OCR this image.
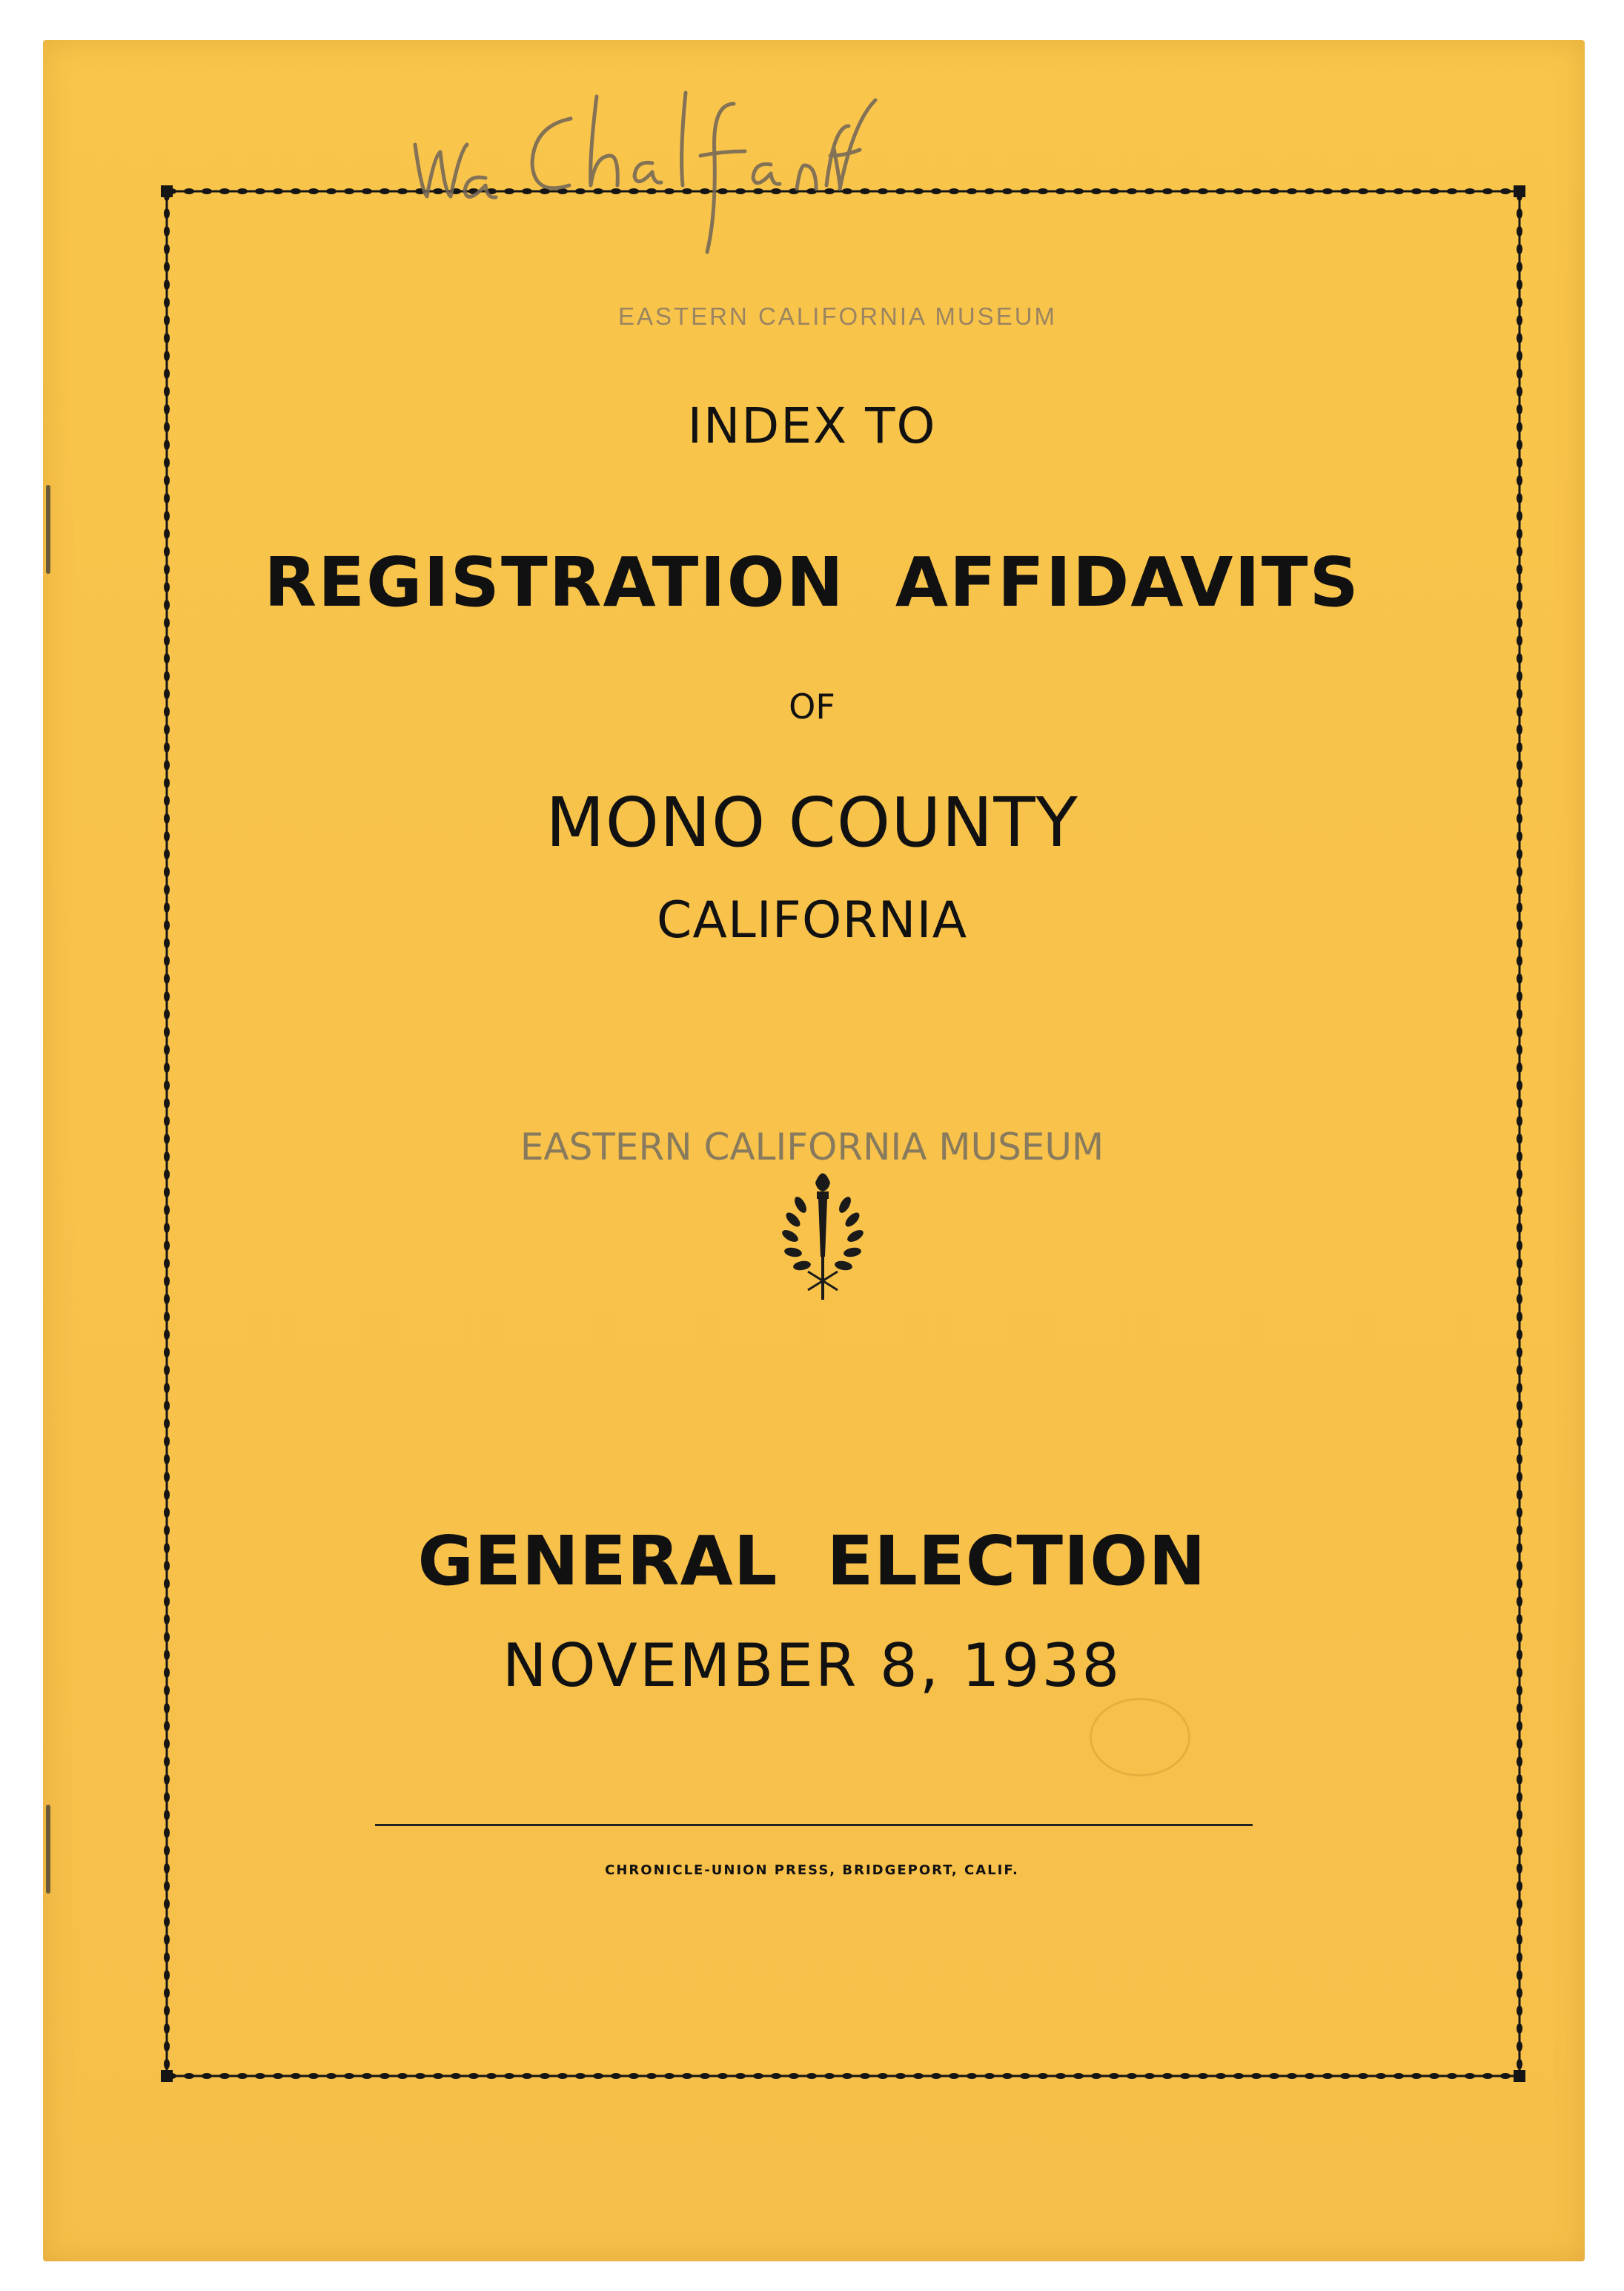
EASTERN CALIFORNIA MUSEUM
INDEX TO
REGISTRATION  AFFIDAVITS
OF
MONO COUNTY
CALIFORNIA
EASTERN CALIFORNIA MUSEUM
GENERAL  ELECTION
NOVEMBER 8, 1938
CHRONICLE-UNION PRESS, BRIDGEPORT, CALIF.
